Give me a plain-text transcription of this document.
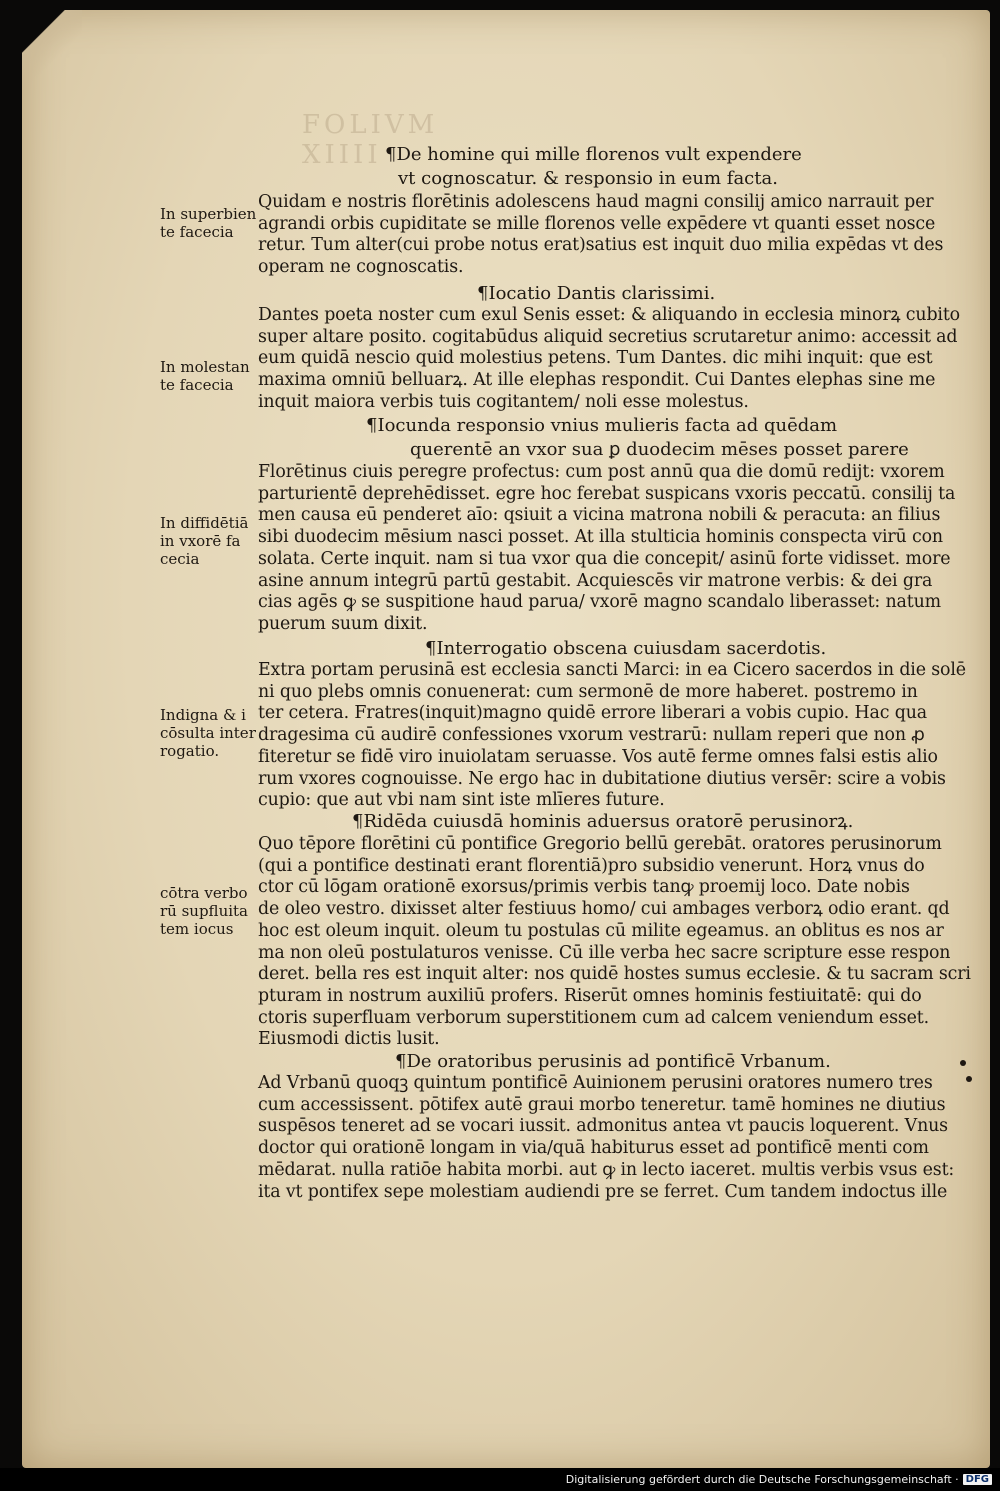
FOLIVM XIIII ¶De homine qui mille florenos vult expendere
vt cognoscatur. & responsio in eum facta.
In superbien
te facecia
Quidam e nostris florētinis adolescens haud magni consilij amico narrauit per
agrandi orbis cupiditate se mille florenos velle expēdere vt quanti esset nosce
retur. Tum alter(cui probe notus erat)satius est inquit duo milia expēdas vt des
operam ne cognoscatis.
¶Iocatio Dantis clarissimi.
In molestan
te facecia
Dantes poeta noster cum exul Senis esset: & aliquando in ecclesia minorꝝ cubito
super altare posito. cogitabūdus aliquid secretius scrutaretur animo: accessit ad
eum quidā nescio quid molestius petens. Tum Dantes. dic mihi inquit: que est
maxima omniū belluarꝝ. At ille elephas respondit. Cui Dantes elephas sine me
inquit maiora verbis tuis cogitantem/ noli esse molestus.
¶Iocunda responsio vnius mulieris facta ad quēdam
querentē an vxor sua ꝑ duodecim mēses posset parere
In diffidētiā
in vxorē fa
cecia
Florētinus ciuis peregre profectus: cum post annū qua die domū redijt: vxorem
parturientē deprehēdisset. egre hoc ferebat suspicans vxoris peccatū. consilij ta
men causa eū penderet aīo: qsiuit a vicina matrona nobili & peracuta: an filius
sibi duodecim mēsium nasci posset. At illa stulticia hominis conspecta virū con
solata. Certe inquit. nam si tua vxor qua die concepit/ asinū forte vidisset. more
asine annum integrū partū gestabit. Acquiescēs vir matrone verbis: & dei gra
cias agēs ꝙ se suspitione haud parua/ vxorē magno scandalo liberasset: natum
puerum suum dixit.
¶Interrogatio obscena cuiusdam sacerdotis.
Indigna & i
cōsulta inter
rogatio.
Extra portam perusinā est ecclesia sancti Marci: in ea Cicero sacerdos in die solē
ni quo plebs omnis conuenerat: cum sermonē de more haberet. postremo in
ter cetera. Fratres(inquit)magno quidē errore liberari a vobis cupio. Hac qua
dragesima cū audirē confessiones vxorum vestrarū: nullam reperi que non ꝓ
fiteretur se fidē viro inuiolatam seruasse. Vos autē ferme omnes falsi estis alio
rum vxores cognouisse. Ne ergo hac in dubitatione diutius versēr: scire a vobis
cupio: que aut vbi nam sint iste mlīeres future.
¶Ridēda cuiusdā hominis aduersus oratorē perusinorꝝ.
cōtra verbo
rū supfluita
tem iocus
Quo tēpore florētini cū pontifice Gregorio bellū gerebāt. oratores perusinorum
(qui a pontifice destinati erant florentiā)pro subsidio venerunt. Horꝝ vnus do
ctor cū lōgam orationē exorsus/primis verbis tanꝙ proemij loco. Date nobis
de oleo vestro. dixisset alter festiuus homo/ cui ambages verborꝝ odio erant. qd
hoc est oleum inquit. oleum tu postulas cū milite egeamus. an oblitus es nos ar
ma non oleū postulaturos venisse. Cū ille verba hec sacre scripture esse respon
deret. bella res est inquit alter: nos quidē hostes sumus ecclesie. & tu sacram scri
pturam in nostrum auxiliū profers. Riserūt omnes hominis festiuitatē: qui do
ctoris superfluam verborum superstitionem cum ad calcem veniendum esset.
Eiusmodi dictis lusit.
¶De oratoribus perusinis ad pontificē Vrbanum.
Ad Vrbanū quoqꝫ quintum pontificē Auinionem perusini oratores numero tres
cum accessissent. pōtifex autē graui morbo teneretur. tamē homines ne diutius
suspēsos teneret ad se vocari iussit. admonitus antea vt paucis loquerent. Vnus
doctor qui orationē longam in via/quā habiturus esset ad pontificē menti com
mēdarat. nulla ratiōe habita morbi. aut ꝙ in lecto iaceret. multis verbis vsus est:
ita vt pontifex sepe molestiam audiendi pre se ferret. Cum tandem indoctus ille
Digitalisierung gefördert durch die Deutsche Forschungsgemeinschaft · DFG
